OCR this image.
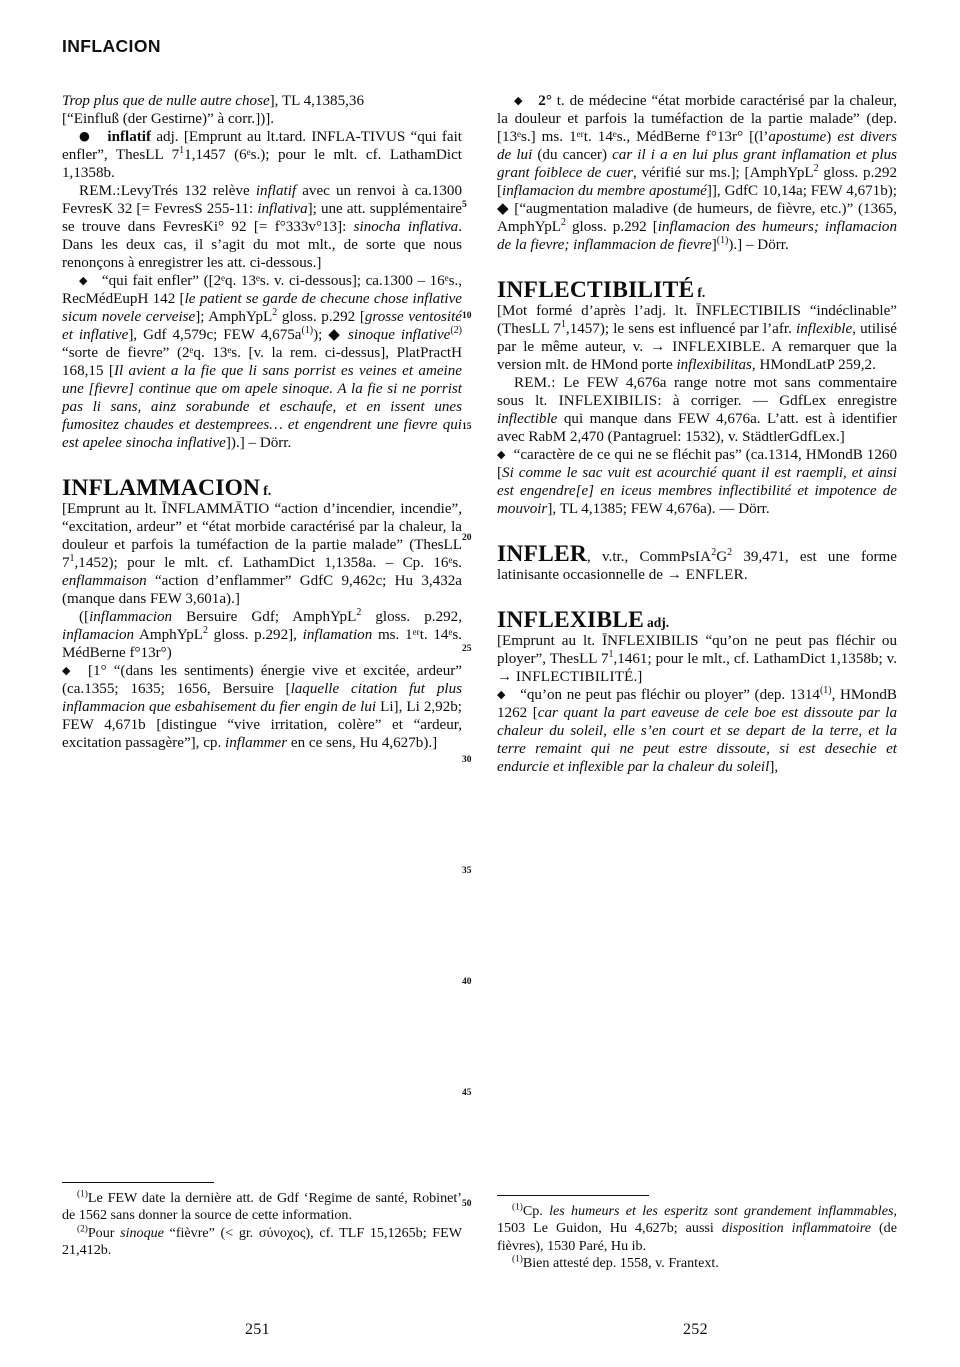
INFLACION
5
10
15
20
25
30
35
40
45
50

Trop plus que de nulle autre chose], TL 4,1385,36
[“Einfluß (der Gestirne)” à corr.])].

● inflatif adj. [Emprunt au lt.tard. INFLA-TIVUS “qui fait enfler”, ThesLL $7^11,1457$ (6ᵉs.); pour le mlt. cf. LathamDict 1,1358b.

REM.:LevyTrés 132 relève inflatif avec un renvoi à ca.1300 FevresK 32 [= FevresS 255-11: inflativa]; une att. supplémentaire se trouve dans FevresKi° 92 [= f°333v°13]: sinocha inflativa. Dans les deux cas, il s’agit du mot mlt., de sorte que nous renonçons à enregistrer les att. ci-dessous.]

◆ “qui fait enfler” ([2ᵉq. 13ᵉs. v. ci-dessous]; ca.1300 – 16ᵉs., RecMédEupH 142 [le patient se garde de checune chose inflative sicum novele cerveise]; AmphYpL$^2$ gloss. p.292 [grosse ventosité et inflative], Gdf 4,579c; FEW $4,675a^{(1)}$); ◆ sinoque inflative$^{(2)}$ “sorte de fievre” (2ᵉq. 13ᵉs. [v. la rem. ci-dessus], PlatPractH 168,15 [Il avient a la fie que li sans porrist es veines et ameine une [fievre] continue que om apele sinoque. A la fie si ne porrist pas li sans, ainz sorabunde et eschaufe, et en issent unes fumositez chaudes et destemprees… et engendrent une fievre qui est apelee sinocha inflative]).] – Dörr.

INFLAMMACION f.

[Emprunt au lt. ĪNFLAMMĀTIO “action d’incendier, incendie”, “excitation, ardeur” et “état morbide caractérisé par la chaleur, la douleur et parfois la tuméfaction de la partie malade” (ThesLL $7^1,1452$); pour le mlt. cf. LathamDict 1,1358a. – Cp. 16ᵉs. enflammaison “action d’enflammer” GdfC 9,462c; Hu 3,432a (manque dans FEW 3,601a).]

([inflammacion Bersuire Gdf; AmphYpL$^2$ gloss. p.292, inflamacion AmphYpL$^2$ gloss. p.292], inflamation ms. 1ᵉʳt. 14ᵉs. MédBerne f°13r°)

◆ [1° “(dans les sentiments) énergie vive et excitée, ardeur” (ca.1355; 1635; 1656, Bersuire [laquelle citation fut plus inflammacion que esbahisement du fier engin de lui Li], Li 2,92b; FEW 4,671b [distingue “vive irritation, colère” et “ardeur, excitation passagère”], cp. inflammer en ce sens, Hu 4,627b).]

$^{(1)}$Le FEW date la dernière att. de Gdf ‘Regime de santé, Robinet’ de 1562 sans donner la source de cette information.

$^{(2)}$Pour sinoque “fièvre” (< gr. σύνοχος), cf. TLF 15,1265b; FEW 21,412b.

◆ 2° t. de médecine “état morbide caractérisé par la chaleur, la douleur et parfois la tuméfaction de la partie malade” (dep. [13ᵉs.] ms. 1ᵉʳt. 14ᵉs., MédBerne f°13r° [(l’apostume) est divers de lui (du cancer) car il i a en lui plus grant inflamation et plus grant foiblece de cuer, vérifié sur ms.]; [AmphYpL$^2$ gloss. p.292 [inflamacion du membre apostumé]], GdfC 10,14a; FEW 4,671b); ◆ [“augmentation maladive (de humeurs, de fièvre, etc.)” (1365, AmphYpL$^2$ gloss. p.292 [inflamacion des humeurs; inflamacion de la fievre; inflammacion de fievre]$^{(1)}$).] – Dörr.

INFLECTIBILITÉ f.

[Mot formé d’après l’adj. lt. ĪNFLECTIBILIS “indéclinable” (ThesLL $7^1,1457$); le sens est influencé par l’afr. inflexible, utilisé par le même auteur, v. → INFLEXIBLE. A remarquer que la version mlt. de HMond porte inflexibilitas, HMondLatP 259,2.

REM.: Le FEW 4,676a range notre mot sans commentaire sous lt. INFLEXIBILIS: à corriger. — GdfLex enregistre inflectible qui manque dans FEW 4,676a. L’att. est à identifier avec RabM 2,470 (Pantagruel: 1532), v. StädtlerGdfLex.]

◆ “caractère de ce qui ne se fléchit pas” (ca.1314, HMondB 1260 [Si comme le sac vuit est acourchié quant il est raempli, et ainsi est engendre[e] en iceus membres inflectibilité et impotence de mouvoir], TL 4,1385; FEW 4,676a). — Dörr.

INFLER, v.tr., $CommPsIA^2G^2$ 39,471, est une forme latinisante occasionnelle de → ENFLER.

INFLEXIBLE adj.

[Emprunt au lt. ĪNFLEXIBILIS “qu’on ne peut pas fléchir ou ployer”, ThesLL $7^1,1461$; pour le mlt., cf. LathamDict 1,1358b; v. → INFLECTIBILITÉ.]

◆ “qu’on ne peut pas fléchir ou ployer” (dep. 1314$^{(1)}$, HMondB 1262 [car quant la part eaveuse de cele boe est dissoute par la chaleur du soleil, elle s’en court et se depart de la terre, et la terre remaint qui ne peut estre dissoute, si est desechie et endurcie et inflexible par la chaleur du soleil],

$^{(1)}$Cp. les humeurs et les esperitz sont grandement inflammables, 1503 Le Guidon, Hu 4,627b; aussi disposition inflammatoire (de fièvres), 1530 Paré, Hu ib.

$^{(1)}$Bien attesté dep. 1558, v. Frantext.

251	252
